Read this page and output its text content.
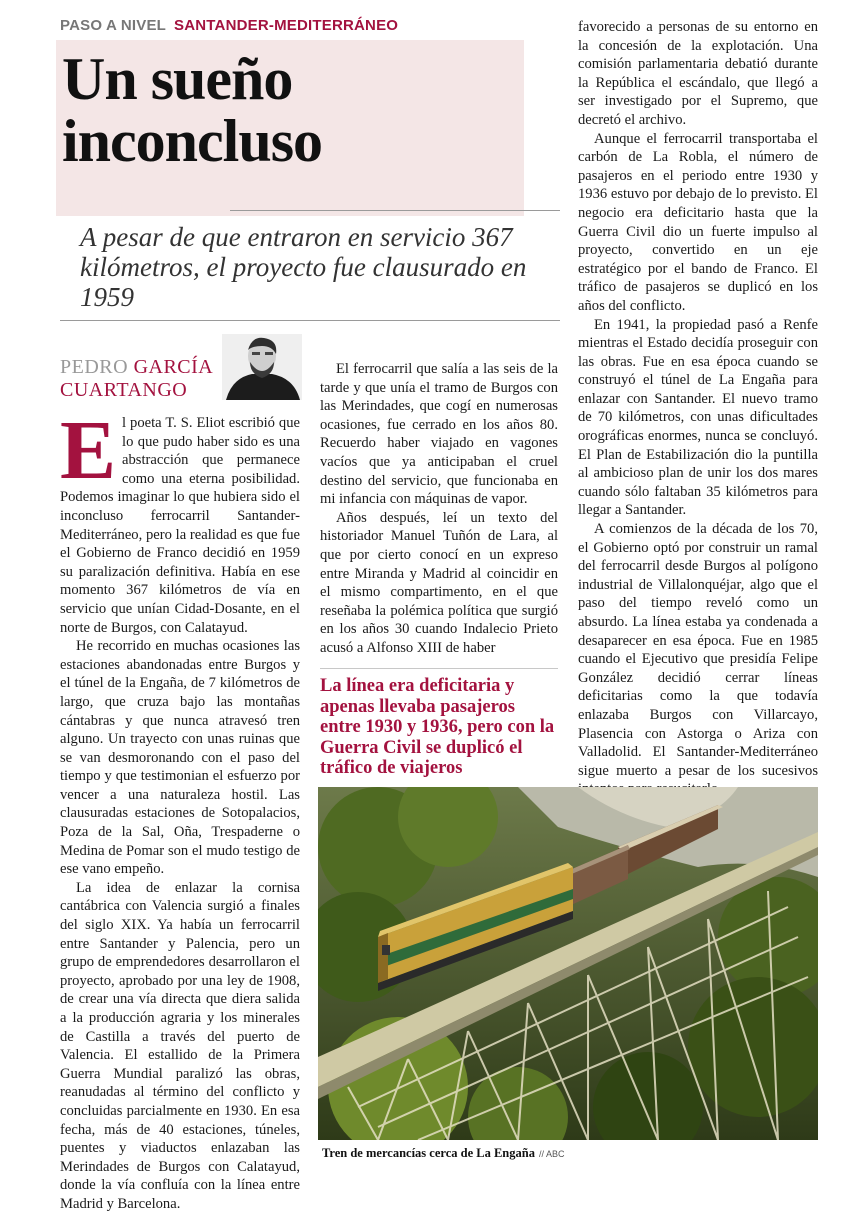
PASO A NIVEL SANTANDER-MEDITERRÁNEO
Un sueño
inconcluso
A pesar de que entraron en servicio 367 kilómetros, el proyecto fue clausurado en 1959
PEDRO GARCÍA
CUARTANGO

El poeta T. S. Eliot escribió que lo que pudo haber sido es una abstracción que permanece como una eterna posibilidad. Podemos imaginar lo que hubiera sido el inconcluso ferrocarril Santander-Mediterráneo, pero la realidad es que fue el Gobierno de Franco decidió en 1959 su paralización definitiva. Había en ese momento 367 kilómetros de vía en servicio que unían Cidad-Dosante, en el norte de Burgos, con Calatayud.

He recorrido en muchas ocasiones las estaciones abandonadas entre Burgos y el túnel de la Engaña, de 7 kilómetros de largo, que cruza bajo las montañas cántabras y que nunca atravesó tren alguno. Un trayecto con unas ruinas que se van desmoronando con el paso del tiempo y que testimonian el esfuerzo por vencer a una naturaleza hostil. Las clausuradas estaciones de Sotopalacios, Poza de la Sal, Oña, Trespaderne o Medina de Pomar son el mudo testigo de ese vano empeño.

La idea de enlazar la cornisa cantábrica con Valencia surgió a finales del siglo XIX. Ya había un ferrocarril entre Santander y Palencia, pero un grupo de emprendedores desarrollaron el proyecto, aprobado por una ley de 1908, de crear una vía directa que diera salida a la producción agraria y los minerales de Castilla a través del puerto de Valencia. El estallido de la Primera Guerra Mundial paralizó las obras, reanudadas al término del conflicto y concluidas parcialmente en 1930. En esa fecha, más de 40 estaciones, túneles, puentes y viaductos enlazaban las Merindades de Burgos con Calatayud, donde la vía confluía con la línea entre Madrid y Barcelona.

El ferrocarril que salía a las seis de la tarde y que unía el tramo de Burgos con las Merindades, que cogí en numerosas ocasiones, fue cerrado en los años 80. Recuerdo haber viajado en vagones vacíos que ya anticipaban el cruel destino del servicio, que funcionaba en mi infancia con máquinas de vapor.

Años después, leí un texto del historiador Manuel Tuñón de Lara, al que por cierto conocí en un expreso entre Miranda y Madrid al coincidir en el mismo compartimento, en el que reseñaba la polémica política que surgió en los años 30 cuando Indalecio Prieto acusó a Alfonso XIII de haber

La línea era deficitaria y apenas llevaba pasajeros entre 1930 y 1936, pero con la Guerra Civil se duplicó el tráfico de viajeros

favorecido a personas de su entorno en la concesión de la explotación. Una comisión parlamentaria debatió durante la República el escándalo, que llegó a ser investigado por el Supremo, que decretó el archivo.

Aunque el ferrocarril transportaba el carbón de La Robla, el número de pasajeros en el periodo entre 1930 y 1936 estuvo por debajo de lo previsto. El negocio era deficitario hasta que la Guerra Civil dio un fuerte impulso al proyecto, convertido en un eje estratégico por el bando de Franco. El tráfico de pasajeros se duplicó en los años del conflicto.

En 1941, la propiedad pasó a Renfe mientras el Estado decidía proseguir con las obras. Fue en esa época cuando se construyó el túnel de La Engaña para enlazar con Santander. El nuevo tramo de 70 kilómetros, con unas dificultades orográficas enormes, nunca se concluyó. El Plan de Estabilización dio la puntilla al ambicioso plan de unir los dos mares cuando sólo faltaban 35 kilómetros para llegar a Santander.

A comienzos de la década de los 70, el Gobierno optó por construir un ramal del ferrocarril desde Burgos al polígono industrial de Villalonquéjar, algo que el paso del tiempo reveló como un absurdo. La línea estaba ya condenada a desaparecer en esa época. Fue en 1985 cuando el Ejecutivo que presidía Felipe González decidió cerrar líneas deficitarias como la que todavía enlazaba Burgos con Villarcayo, Plasencia con Astorga o Ariza con Valladolid. El Santander-Mediterráneo sigue muerto a pesar de los sucesivos

Tren de mercancías cerca de La Engaña // ABC
